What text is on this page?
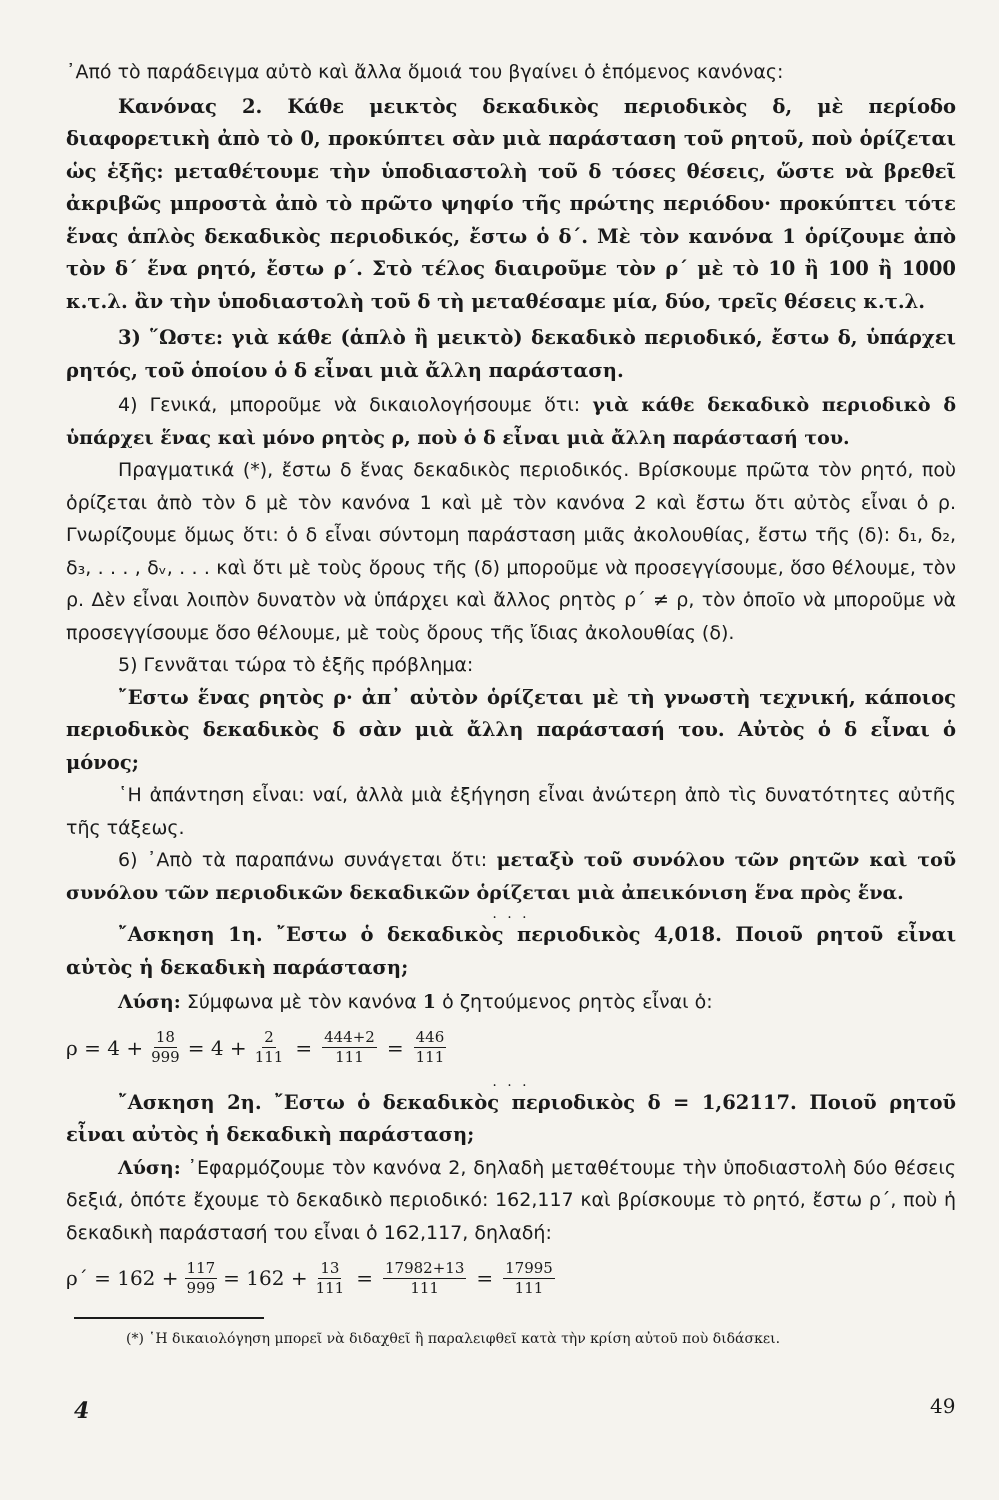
᾽Από τὸ παράδειγμα αὐτὸ καὶ ἄλλα ὅμοιά του βγαίνει ὁ ἑπόμενος κανόνας:

Κανόνας 2. Κάθε μεικτὸς δεκαδικὸς περιοδικὸς δ, μὲ περίοδο διαφορετικὴ ἀπὸ τὸ 0, προκύπτει σὰν μιὰ παράσταση τοῦ ρητοῦ, ποὺ ὁρίζεται ὡς ἑξῆς: μεταθέτουμε τὴν ὑποδιαστολὴ τοῦ δ τόσες θέσεις, ὥστε νὰ βρεθεῖ ἀκριβῶς μπροστὰ ἀπὸ τὸ πρῶτο ψηφίο τῆς πρώτης περιόδου· προκύπτει τότε ἕνας ἁπλὸς δεκαδικὸς περιοδικός, ἔστω ὁ δ΄. Μὲ τὸν κανόνα 1 ὁρίζουμε ἀπὸ τὸν δ΄ ἕνα ρητό, ἔστω ρ΄. Στὸ τέλος διαιροῦμε τὸν ρ΄ μὲ τὸ 10 ἢ 100 ἢ 1000 κ.τ.λ. ἂν τὴν ὑποδιαστολὴ τοῦ δ τὴ μεταθέσαμε μία, δύο, τρεῖς θέσεις κ.τ.λ.

3) ῞Ωστε: γιὰ κάθε (ἁπλὸ ἢ μεικτὸ) δεκαδικὸ περιοδικό, ἔστω δ, ὑπάρχει ρητός, τοῦ ὁποίου ὁ δ εἶναι μιὰ ἄλλη παράσταση.

4) Γενικά, μποροῦμε νὰ δικαιολογήσουμε ὅτι: γιὰ κάθε δεκαδικὸ περιοδικὸ δ ὑπάρχει ἕνας καὶ μόνο ρητὸς ρ, ποὺ ὁ δ εἶναι μιὰ ἄλλη παράστασή του.

Πραγματικά (*), ἔστω δ ἕνας δεκαδικὸς περιοδικός. Βρίσκουμε πρῶτα τὸν ρητό, ποὺ ὁρίζεται ἀπὸ τὸν δ μὲ τὸν κανόνα 1 καὶ μὲ τὸν κανόνα 2 καὶ ἔστω ὅτι αὐτὸς εἶναι ὁ ρ. Γνωρίζουμε ὅμως ὅτι: ὁ δ εἶναι σύντομη παράσταση μιᾶς ἀκολουθίας, ἔστω τῆς (δ): δ₁, δ₂, δ₃, . . . , δᵥ, . . . καὶ ὅτι μὲ τοὺς ὅρους τῆς (δ) μποροῦμε νὰ προσεγγίσουμε, ὅσο θέλουμε, τὸν ρ. Δὲν εἶναι λοιπὸν δυνατὸν νὰ ὑπάρχει καὶ ἄλλος ρητὸς ρ΄ ≠ ρ, τὸν ὁποῖο νὰ μποροῦμε νὰ προσεγγίσουμε ὅσο θέλουμε, μὲ τοὺς ὅρους τῆς ἴδιας ἀκολουθίας (δ).

5) Γεννᾶται τώρα τὸ ἑξῆς πρόβλημα:

῎Εστω ἕνας ρητὸς ρ· ἀπ᾽ αὐτὸν ὁρίζεται μὲ τὴ γνωστὴ τεχνική, κάποιος περιοδικὸς δεκαδικὸς δ σὰν μιὰ ἄλλη παράστασή του. Αὐτὸς ὁ δ εἶναι ὁ μόνος;

῾Η ἀπάντηση εἶναι: ναί, ἀλλὰ μιὰ ἐξήγηση εἶναι ἀνώτερη ἀπὸ τὶς δυνατότητες αὐτῆς τῆς τάξεως.

6) ᾽Απὸ τὰ παραπάνω συνάγεται ὅτι: μεταξὺ τοῦ συνόλου τῶν ρητῶν καὶ τοῦ συνόλου τῶν περιοδικῶν δεκαδικῶν ὁρίζεται μιὰ ἀπεικόνιση ἕνα πρὸς ἕνα.

. . .

῎Ασκηση 1η. ῎Εστω ὁ δεκαδικὸς περιοδικὸς 4,018. Ποιοῦ ρητοῦ εἶναι αὐτὸς ἡ δεκαδικὴ παράσταση;

Λύση: Σύμφωνα μὲ τὸν κανόνα 1 ὁ ζητούμενος ρητὸς εἶναι ὁ:

$\rho = 4 + \frac{18}{999} = 4 + \frac{2}{111} = \frac{444+2}{111} = \frac{446}{111}$
. . .

῎Ασκηση 2η. ῎Εστω ὁ δεκαδικὸς περιοδικὸς δ = 1,62117. Ποιοῦ ρητοῦ εἶναι αὐτὸς ἡ δεκαδικὴ παράσταση;

Λύση: ᾽Εφαρμόζουμε τὸν κανόνα 2, δηλαδὴ μεταθέτουμε τὴν ὑποδιαστολὴ δύο θέσεις δεξιά, ὁπότε ἔχουμε τὸ δεκαδικὸ περιοδικό: 162,117 καὶ βρίσκουμε τὸ ρητό, ἔστω ρ΄, ποὺ ἡ δεκαδικὴ παράστασή του εἶναι ὁ 162,117, δηλαδή:

$\rho΄ = 162 + \frac{117}{999} = 162 + \frac{13}{111} = \frac{17982+13}{111} = \frac{17995}{111}$

(*) ῾Η δικαιολόγηση μπορεῖ νὰ διδαχθεῖ ἢ παραλειφθεῖ κατὰ τὴν κρίση αὐτοῦ ποὺ διδάσκει.

4	49
